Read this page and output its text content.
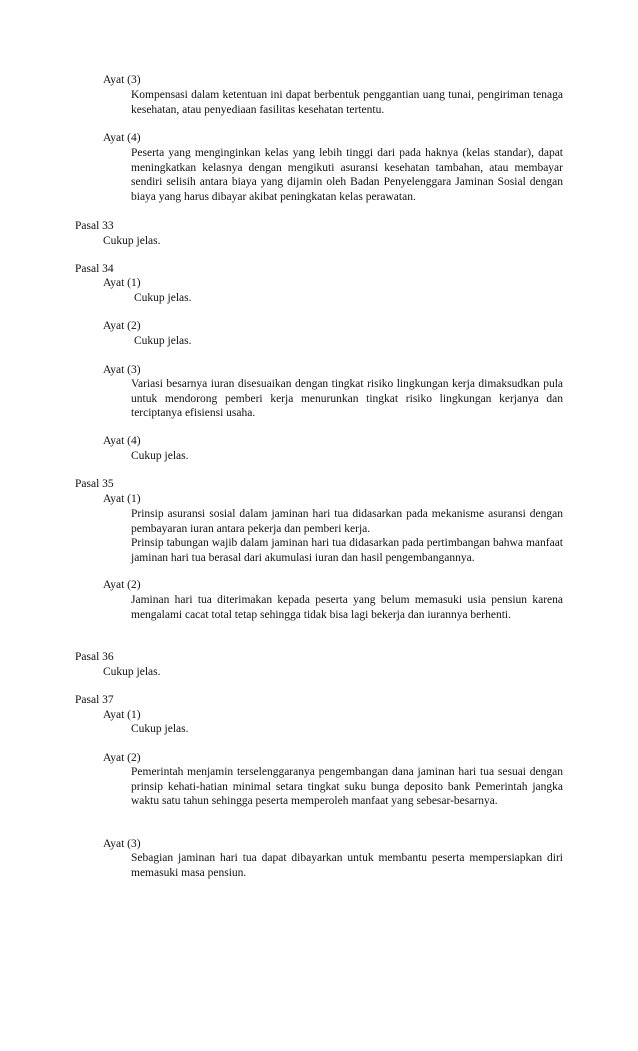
Ayat (3)

Kompensasi dalam ketentuan ini dapat berbentuk penggantian uang tunai, pengiriman tenaga kesehatan, atau penyediaan fasilitas kesehatan tertentu.

Ayat (4)

Peserta yang menginginkan kelas yang lebih tinggi dari pada haknya (kelas standar), dapat meningkatkan kelasnya dengan mengikuti asuransi kesehatan tambahan, atau membayar sendiri selisih antara biaya yang dijamin oleh Badan Penyelenggara Jaminan Sosial dengan biaya yang harus dibayar akibat peningkatan kelas perawatan.

Pasal 33

Cukup jelas.

Pasal 34

Ayat (1)

Cukup jelas.

Ayat (2)

Cukup jelas.

Ayat (3)

Variasi besarnya iuran disesuaikan dengan tingkat risiko lingkungan kerja dimaksudkan pula untuk mendorong pemberi kerja menurunkan tingkat risiko lingkungan kerjanya dan terciptanya efisiensi usaha.

Ayat (4)

Cukup jelas.

Pasal 35

Ayat (1)

Prinsip asuransi sosial dalam jaminan hari tua didasarkan pada mekanisme asuransi dengan pembayaran iuran antara pekerja dan pemberi kerja.
Prinsip tabungan wajib dalam jaminan hari tua didasarkan pada pertimbangan bahwa manfaat jaminan hari tua berasal dari akumulasi iuran dan hasil pengembangannya.

Ayat (2)

Jaminan hari tua diterimakan kepada peserta yang belum memasuki usia pensiun karena mengalami cacat total tetap sehingga tidak bisa lagi bekerja dan iurannya berhenti.

Pasal 36

Cukup jelas.

Pasal 37

Ayat (1)

Cukup jelas.

Ayat (2)

Pemerintah menjamin terselenggaranya pengembangan dana jaminan hari tua sesuai dengan prinsip kehati-hatian minimal setara tingkat suku bunga deposito bank Pemerintah jangka waktu satu tahun sehingga peserta memperoleh manfaat yang sebesar-besarnya.

Ayat (3)

Sebagian jaminan hari tua dapat dibayarkan untuk membantu peserta mempersiapkan diri memasuki masa pensiun.
